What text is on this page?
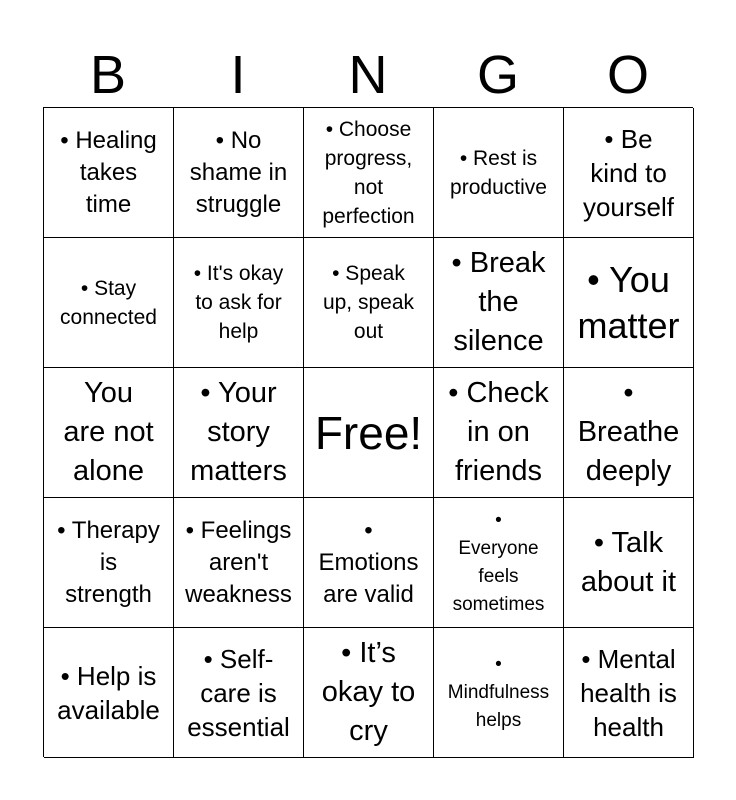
B	I	N	G	O
• Healing
takes
time
• No
shame in
struggle
• Choose
progress,
not
perfection
• Rest is
productive
• Be
kind to
yourself
• Stay
connected
• It's okay
to ask for
help
• Speak
up, speak
out
• Break
the
silence
• You
matter
You
are not
alone
• Your
story
matters
Free!
• Check
in on
friends
•
Breathe
deeply
• Therapy
is
strength
• Feelings
aren't
weakness
•
Emotions
are valid
•
Everyone
feels
sometimes
• Talk
about it
• Help is
available
• Self-
care is
essential
• It’s
okay to
cry
•
Mindfulness
helps
• Mental
health is
health
